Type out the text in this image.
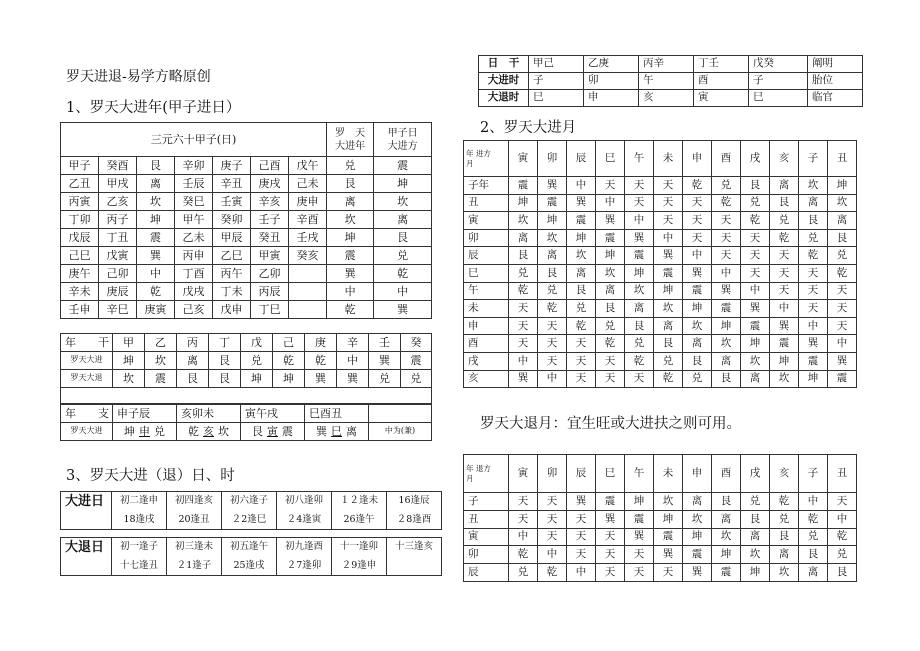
罗天进退-易学方略原创
1、罗天大进年(甲子进日）
2、罗天大进月
3、罗天大进（退）日、时
罗天大退月：宜生旺或大进扶之则可用。
三元六十甲子(日)							罗　天
大进年	甲子日
大进方
甲子	癸酉	艮	辛卯	庚子	己酉	戊午	兑	震
乙丑	甲戌	离	壬辰	辛丑	庚戌	己未	艮	坤
丙寅	乙亥	坎	癸巳	壬寅	辛亥	庚申	离	坎
丁卯	丙子	坤	甲午	癸卯	壬子	辛酉	坎	离
戊辰	丁丑	震	乙未	甲辰	癸丑	壬戌	坤	艮
己巳	戊寅	巽	丙申	乙巳	甲寅	癸亥	震	兑
庚午	己卯	中	丁酉	丙午	乙卯		巽	乾
辛未	庚辰	乾	戊戌	丁未	丙辰		中	中
壬申	辛巳	庚寅	己亥	戊申	丁巳		乾	巽
年　　干	甲	乙	丙	丁	戊	己	庚	辛	壬	癸
罗天大进	坤	坎	离	艮	兑	乾	乾	中	巽	震
罗天大退	坎	震	艮	艮	坤	坤	巽	巽	兑	兑

年　　支	申子辰	亥卯未	寅午戌	巳酉丑	
罗天大进	坤 申 兑	乾 亥 坎	艮 寅 震	巽 巳 离	中为(兼)
大进日	初二逢申	初四逢亥	初六逢子	初八逢卯	１２逢未	16逢辰
	18逢戌	20逢丑	２2逢巳	２4逢寅	26逢午	２8逢酉

大退日	初一逢子	初三逢未	初五逢午	初九逢酉	十一逢卯	十三逢亥
	十七逢丑	２1逢子	25逢戌	２7逢卯	２9逢申	
日　干	甲己	乙庚	丙辛	丁壬	戊癸	阐明
大进时	子	卯	午	酉	子	胎位
大退时	巳	申	亥	寅	巳	临官
年 进方
月	寅	卯	辰	巳	午	未	申	酉	戌	亥	子	丑
子年	震	巽	中	天	天	天	乾	兑	艮	离	坎	坤
丑	坤	震	巽	中	天	天	天	乾	兑	艮	离	坎
寅	坎	坤	震	巽	中	天	天	天	乾	兑	艮	离
卯	离	坎	坤	震	巽	中	天	天	天	乾	兑	艮
辰	艮	离	坎	坤	震	巽	中	天	天	天	乾	兑
巳	兑	艮	离	坎	坤	震	巽	中	天	天	天	乾
午	乾	兑	艮	离	坎	坤	震	巽	中	天	天	天
未	天	乾	兑	艮	离	坎	坤	震	巽	中	天	天
申	天	天	乾	兑	艮	离	坎	坤	震	巽	中	天
酉	天	天	天	乾	兑	艮	离	坎	坤	震	巽	中
戌	中	天	天	天	乾	兑	艮	离	坎	坤	震	巽
亥	巽	中	天	天	天	乾	兑	艮	离	坎	坤	震
年 退方
月	寅	卯	辰	巳	午	未	申	酉	戌	亥	子	丑
子	天	天	巽	震	坤	坎	离	艮	兑	乾	中	天
丑	天	天	天	巽	震	坤	坎	离	艮	兑	乾	中
寅	中	天	天	天	巽	震	坤	坎	离	艮	兑	乾
卯	乾	中	天	天	天	巽	震	坤	坎	离	艮	兑
辰	兑	乾	中	天	天	天	巽	震	坤	坎	离	艮
